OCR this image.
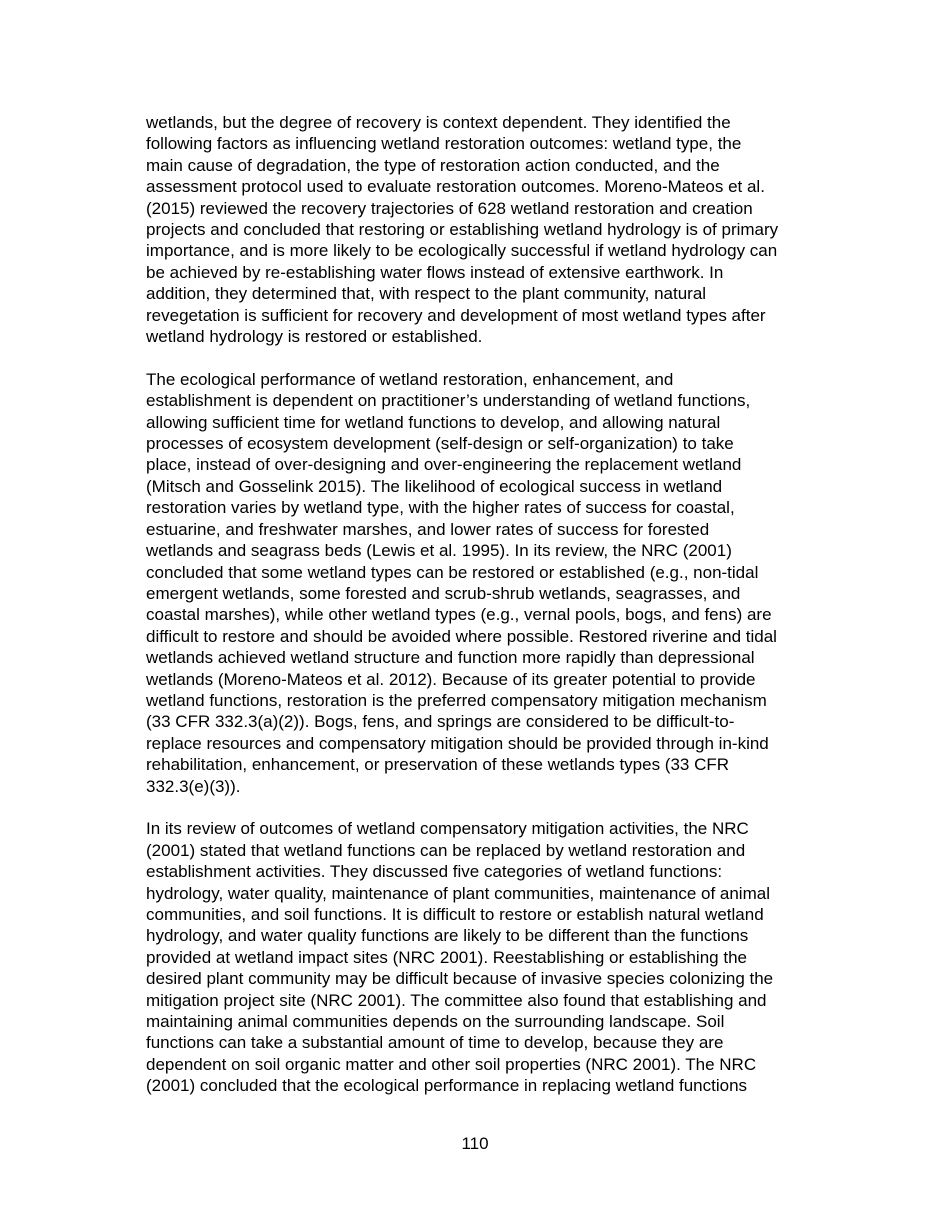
wetlands, but the degree of recovery is context dependent. They identified the
following factors as influencing wetland restoration outcomes: wetland type, the
main cause of degradation, the type of restoration action conducted, and the
assessment protocol used to evaluate restoration outcomes. Moreno-Mateos et al.
(2015) reviewed the recovery trajectories of 628 wetland restoration and creation
projects and concluded that restoring or establishing wetland hydrology is of primary
importance, and is more likely to be ecologically successful if wetland hydrology can
be achieved by re-establishing water flows instead of extensive earthwork. In
addition, they determined that, with respect to the plant community, natural
revegetation is sufficient for recovery and development of most wetland types after
wetland hydrology is restored or established.

The ecological performance of wetland restoration, enhancement, and
establishment is dependent on practitioner’s understanding of wetland functions,
allowing sufficient time for wetland functions to develop, and allowing natural
processes of ecosystem development (self-design or self-organization) to take
place, instead of over-designing and over-engineering the replacement wetland
(Mitsch and Gosselink 2015). The likelihood of ecological success in wetland
restoration varies by wetland type, with the higher rates of success for coastal,
estuarine, and freshwater marshes, and lower rates of success for forested
wetlands and seagrass beds (Lewis et al. 1995). In its review, the NRC (2001)
concluded that some wetland types can be restored or established (e.g., non-tidal
emergent wetlands, some forested and scrub-shrub wetlands, seagrasses, and
coastal marshes), while other wetland types (e.g., vernal pools, bogs, and fens) are
difficult to restore and should be avoided where possible. Restored riverine and tidal
wetlands achieved wetland structure and function more rapidly than depressional
wetlands (Moreno-Mateos et al. 2012). Because of its greater potential to provide
wetland functions, restoration is the preferred compensatory mitigation mechanism
(33 CFR 332.3(a)(2)). Bogs, fens, and springs are considered to be difficult-to-
replace resources and compensatory mitigation should be provided through in-kind
rehabilitation, enhancement, or preservation of these wetlands types (33 CFR
332.3(e)(3)).

In its review of outcomes of wetland compensatory mitigation activities, the NRC
(2001) stated that wetland functions can be replaced by wetland restoration and
establishment activities. They discussed five categories of wetland functions:
hydrology, water quality, maintenance of plant communities, maintenance of animal
communities, and soil functions. It is difficult to restore or establish natural wetland
hydrology, and water quality functions are likely to be different than the functions
provided at wetland impact sites (NRC 2001). Reestablishing or establishing the
desired plant community may be difficult because of invasive species colonizing the
mitigation project site (NRC 2001). The committee also found that establishing and
maintaining animal communities depends on the surrounding landscape. Soil
functions can take a substantial amount of time to develop, because they are
dependent on soil organic matter and other soil properties (NRC 2001). The NRC
(2001) concluded that the ecological performance in replacing wetland functions

110
